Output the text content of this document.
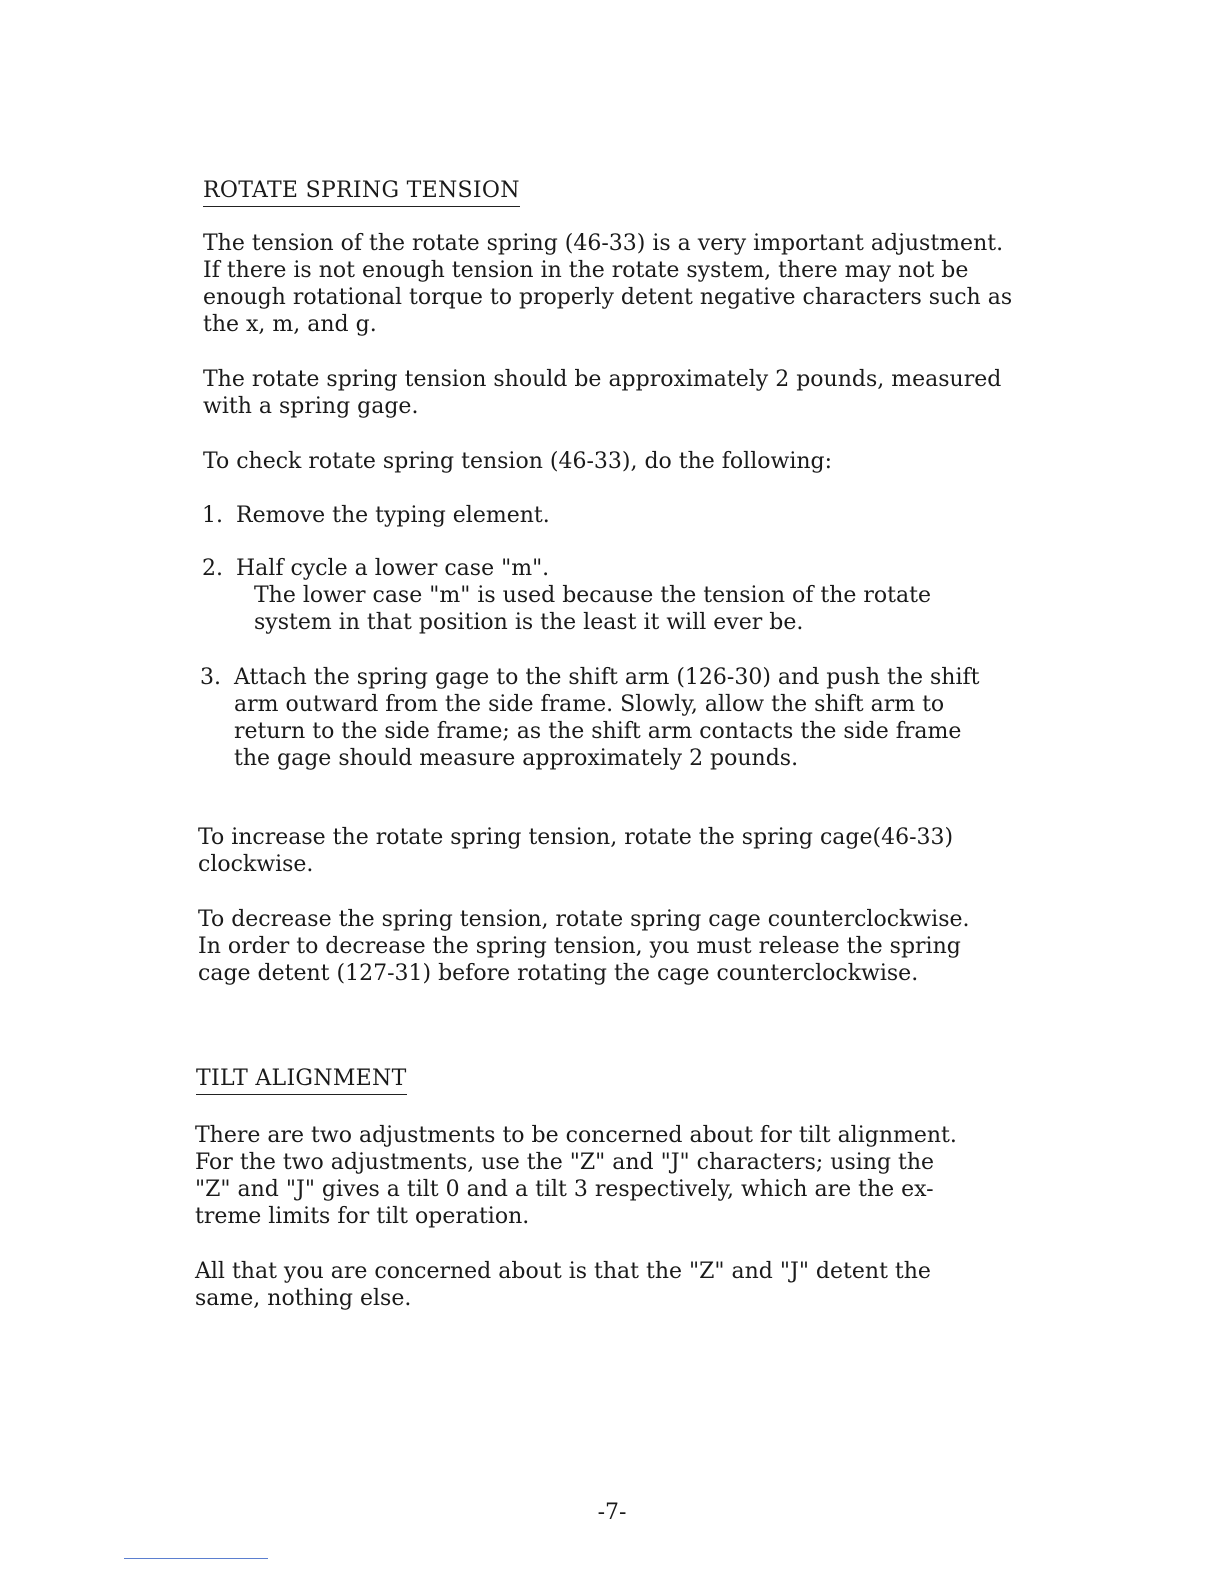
ROTATE SPRING TENSION
The tension of the rotate spring (46-33) is a very important adjustment.
If there is not enough tension in the rotate system, there may not be
enough rotational torque to properly detent negative characters such as
the x, m, and g.
The rotate spring tension should be approximately 2 pounds, measured
with a spring gage.
To check rotate spring tension (46-33), do the following:
1. Remove the typing element.
2. Half cycle a lower case "m".
The lower case "m" is used because the tension of the rotate
system in that position is the least it will ever be.
3. Attach the spring gage to the shift arm (126-30) and push the shift
arm outward from the side frame. Slowly, allow the shift arm to
return to the side frame; as the shift arm contacts the side frame
the gage should measure approximately 2 pounds.
To increase the rotate spring tension, rotate the spring cage(46-33)
clockwise.
To decrease the spring tension, rotate spring cage counterclockwise.
In order to decrease the spring tension, you must release the spring
cage detent (127-31) before rotating the cage counterclockwise.
TILT ALIGNMENT
There are two adjustments to be concerned about for tilt alignment.
For the two adjustments, use the "Z" and "J" characters; using the
"Z" and "J" gives a tilt 0 and a tilt 3 respectively, which are the ex-
treme limits for tilt operation.
All that you are concerned about is that the "Z" and "J" detent the
same, nothing else.
-7-
